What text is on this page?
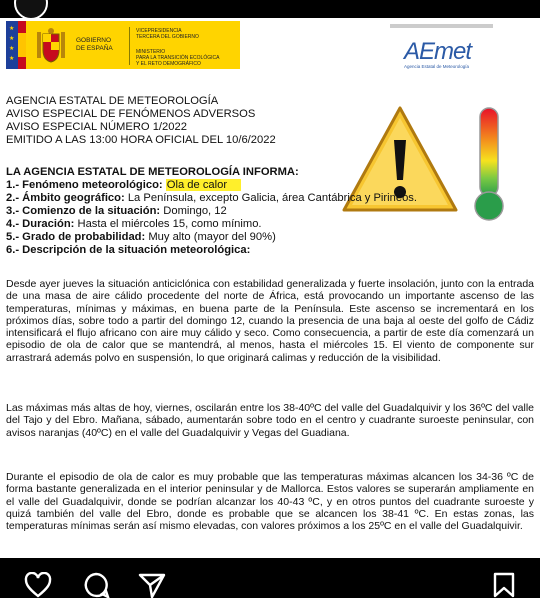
★
★
★
★
GOBIERNO
DE ESPAÑA
VICEPRESIDENCIA
TERCERA DEL GOBIERNO
MINISTERIO
PARA LA TRANSICIÓN ECOLÓGICA
Y EL RETO DEMOGRÁFICO	AEmet
Agencia Estatal de Meteorología
AGENCIA ESTATAL DE METEOROLOGÍA
AVISO ESPECIAL DE FENÓMENOS ADVERSOS
AVISO ESPECIAL NÚMERO 1/2022
EMITIDO A LAS 13:00 HORA OFICIAL DEL 10/6/2022
LA AGENCIA ESTATAL DE METEOROLOGÍA INFORMA:
1.- Fenómeno meteorológico: Ola de calor
2.- Ámbito geográfico: La Península, excepto Galicia, área Cantábrica y Pirineos.
3.- Comienzo de la situación: Domingo, 12
4.- Duración: Hasta el miércoles 15, como mínimo.
5.- Grado de probabilidad: Muy alto (mayor del 90%)
6.- Descripción de la situación meteorológica:
Desde ayer jueves la situación anticiclónica con estabilidad generalizada y fuerte insolación, junto con la entrada de una masa de aire cálido procedente del norte de África, está provocando un importante ascenso de las temperaturas, mínimas y máximas, en buena parte de la Península. Este ascenso se incrementará en los próximos días, sobre todo a partir del domingo 12, cuando la presencia de una baja al oeste del golfo de Cádiz intensificará el flujo africano con aire muy cálido y seco. Como consecuencia, a partir de este día comenzará un episodio de ola de calor que se mantendrá, al menos, hasta el miércoles 15. El viento de componente sur arrastrará además polvo en suspensión, lo que originará calimas y reducción de la visibilidad.
Las máximas más altas de hoy, viernes, oscilarán entre los 38-40ºC del valle del Guadalquivir y los 36ºC del valle del Tajo y del Ebro. Mañana, sábado, aumentarán sobre todo en el centro y cuadrante suroeste peninsular, con avisos naranjas (40ºC) en el valle del Guadalquivir y Vegas del Guadiana.
Durante el episodio de ola de calor es muy probable que las temperaturas máximas alcancen los 34-36 ºC de forma bastante generalizada en el interior peninsular y de Mallorca. Estos valores se superarán ampliamente en el valle del Guadalquivir, donde se podrían alcanzar los 40-43 ºC, y en otros puntos del cuadrante suroeste y quizá también del valle del Ebro, donde es probable que se alcancen los 38-41 ºC. En estas zonas, las temperaturas mínimas serán así mismo elevadas, con valores próximos a los 25ºC en el valle del Guadalquivir.
